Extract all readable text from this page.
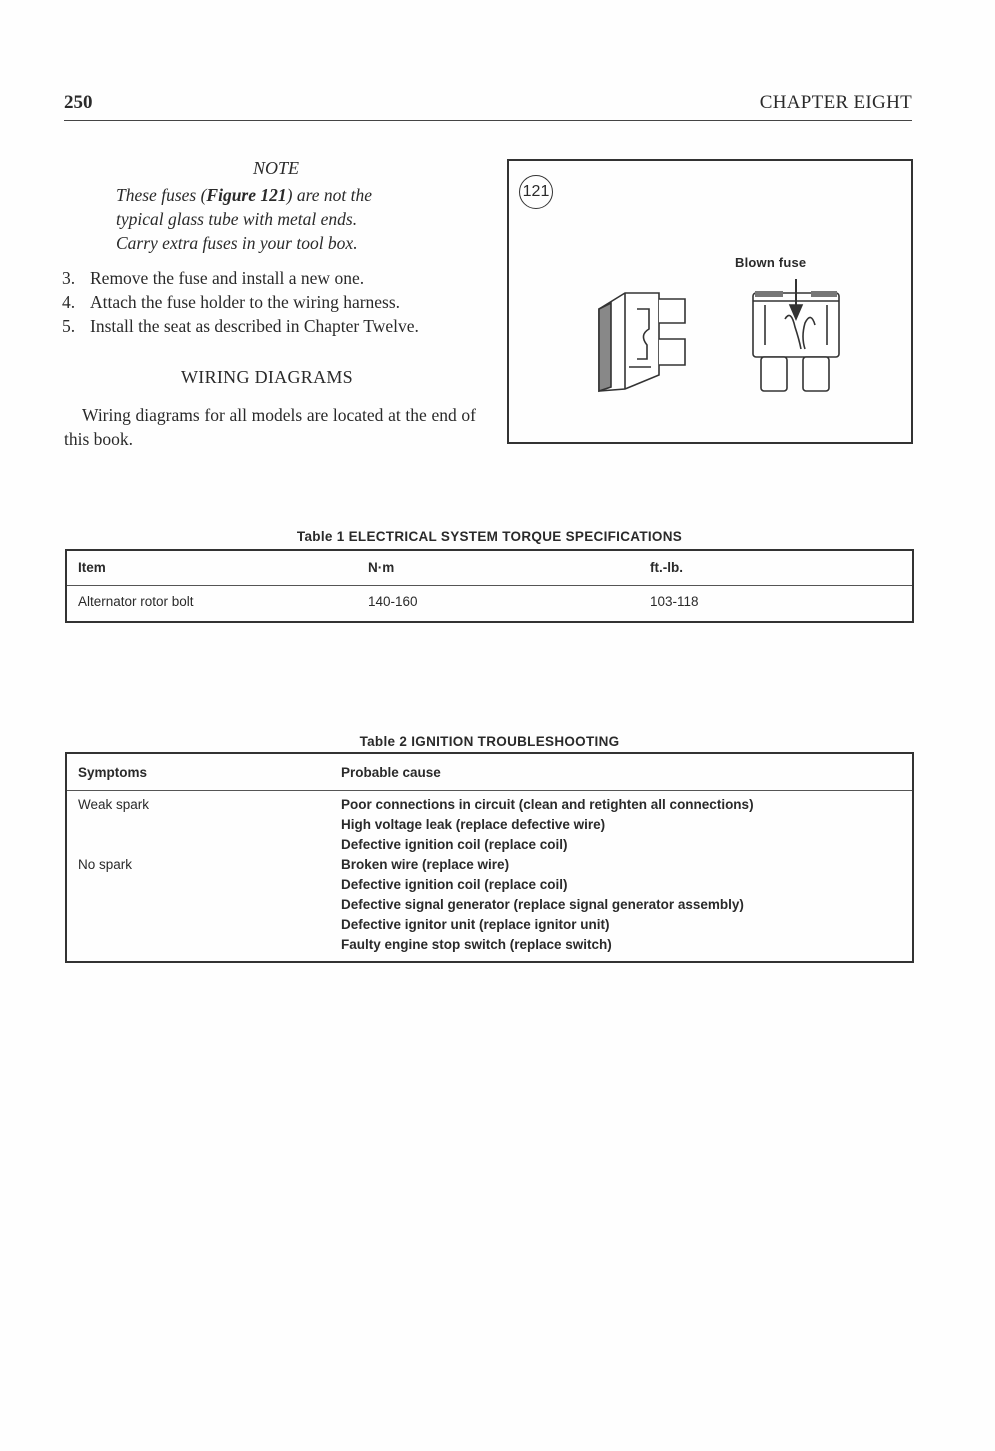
250	CHAPTER EIGHT
NOTE
These fuses (Figure 121) are not the
typical glass tube with metal ends.
Carry extra fuses in your tool box.
3. Remove the fuse and install a new one.
4. Attach the fuse holder to the wiring harness.
5. Install the seat as described in Chapter Twelve.
WIRING DIAGRAMS
Wiring diagrams for all models are located at the end of this book.
121
Blown fuse
Table 1 ELECTRICAL SYSTEM TORQUE SPECIFICATIONS
Item	N·m	ft.-lb.
Alternator rotor bolt	140-160	103-118
Table 2 IGNITION TROUBLESHOOTING
Symptoms	Probable cause
Weak spark	Poor connections in circuit (clean and retighten all connections)
High voltage leak (replace defective wire)
Defective ignition coil (replace coil)
No spark	Broken wire (replace wire)
Defective ignition coil (replace coil)
Defective signal generator (replace signal generator assembly)
Defective ignitor unit (replace ignitor unit)
Faulty engine stop switch (replace switch)
